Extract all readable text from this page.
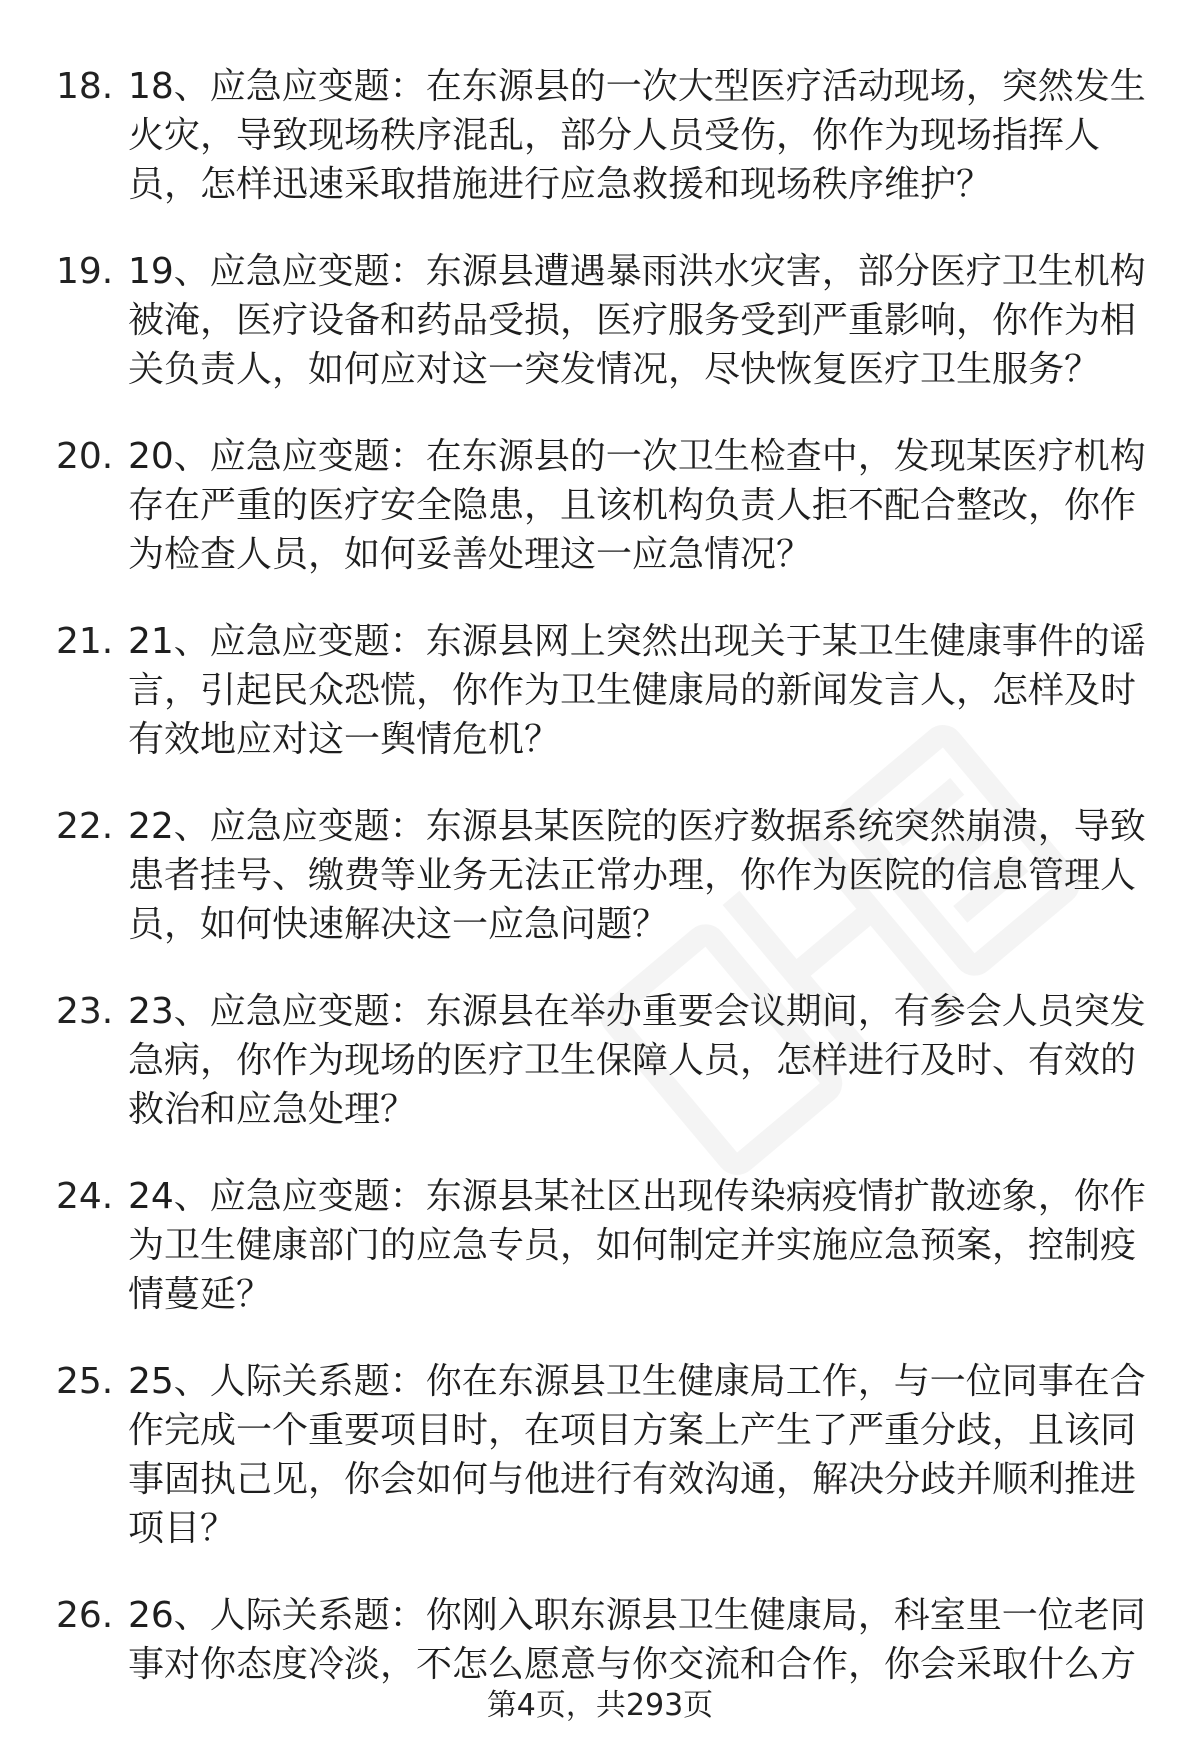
18. 18、应急应变题：在东源县的一次大型医疗活动现场，突然发生火灾，导致现场秩序混乱，部分人员受伤，你作为现场指挥人员，怎样迅速采取措施进行应急救援和现场秩序维护？
19. 19、应急应变题：东源县遭遇暴雨洪水灾害，部分医疗卫生机构被淹，医疗设备和药品受损，医疗服务受到严重影响，你作为相关负责人，如何应对这一突发情况，尽快恢复医疗卫生服务？
20. 20、应急应变题：在东源县的一次卫生检查中，发现某医疗机构存在严重的医疗安全隐患，且该机构负责人拒不配合整改，你作为检查人员，如何妥善处理这一应急情况？
21. 21、应急应变题：东源县网上突然出现关于某卫生健康事件的谣言，引起民众恐慌，你作为卫生健康局的新闻发言人，怎样及时有效地应对这一舆情危机？
22. 22、应急应变题：东源县某医院的医疗数据系统突然崩溃，导致患者挂号、缴费等业务无法正常办理，你作为医院的信息管理人员，如何快速解决这一应急问题？
23. 23、应急应变题：东源县在举办重要会议期间，有参会人员突发急病，你作为现场的医疗卫生保障人员，怎样进行及时、有效的救治和应急处理？
24. 24、应急应变题：东源县某社区出现传染病疫情扩散迹象，你作为卫生健康部门的应急专员，如何制定并实施应急预案，控制疫情蔓延？
25. 25、人际关系题：你在东源县卫生健康局工作，与一位同事在合作完成一个重要项目时，在项目方案上产生了严重分歧，且该同事固执己见，你会如何与他进行有效沟通，解决分歧并顺利推进项目？
26. 26、人际关系题：你刚入职东源县卫生健康局，科室里一位老同事对你态度冷淡，不怎么愿意与你交流和合作，你会采取什么方
第4页，共293页
